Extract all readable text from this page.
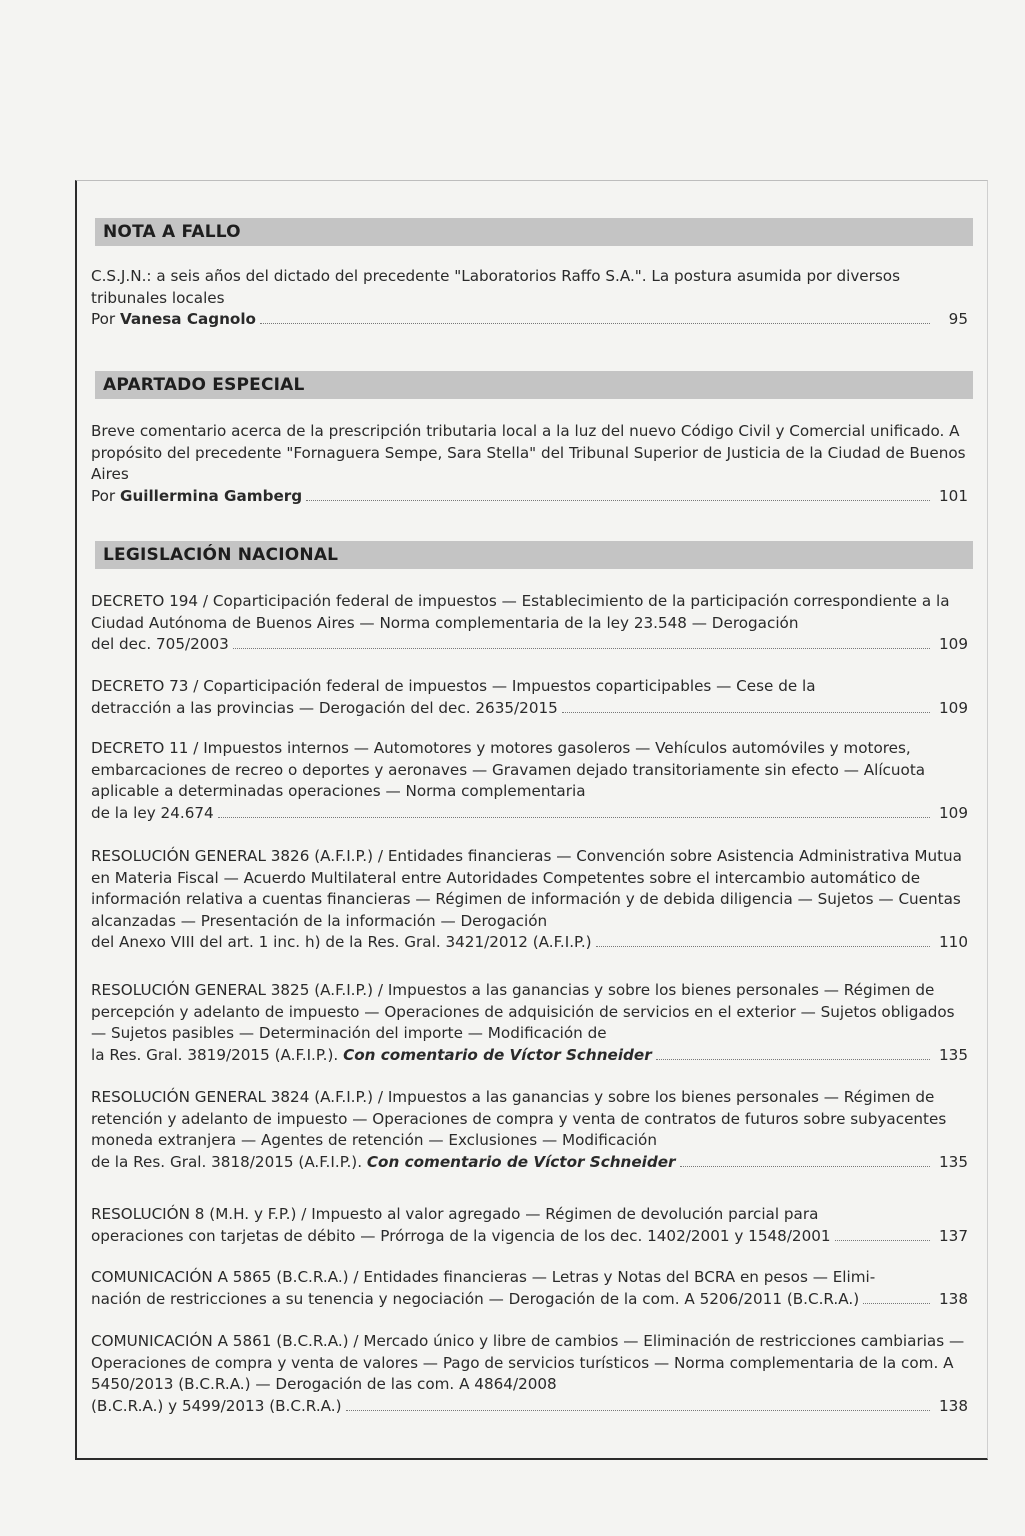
NOTA A FALLO
C.S.J.N.: a seis años del dictado del precedente "Laboratorios Raffo S.A.". La postura asumida por diversos tribunales locales
Por Vanesa Cagnolo	95
APARTADO ESPECIAL
Breve comentario acerca de la prescripción tributaria local a la luz del nuevo Código Civil y Comercial unificado. A propósito del precedente "Fornaguera Sempe, Sara Stella" del Tribunal Superior de Justicia de la Ciudad de Buenos Aires
Por Guillermina Gamberg	101
LEGISLACIÓN NACIONAL
DECRETO 194 / Coparticipación federal de impuestos — Establecimiento de la participación correspondiente a la Ciudad Autónoma de Buenos Aires — Norma complementaria de la ley 23.548 — Derogación
del dec. 705/2003	109
DECRETO 73 / Coparticipación federal de impuestos — Impuestos coparticipables — Cese de la
detracción a las provincias — Derogación del dec. 2635/2015	109
DECRETO 11 / Impuestos internos — Automotores y motores gasoleros — Vehículos automóviles y motores, embarcaciones de recreo o deportes y aeronaves — Gravamen dejado transitoriamente sin efecto — Alícuota aplicable a determinadas operaciones — Norma complementaria
de la ley 24.674	109
RESOLUCIÓN GENERAL 3826 (A.F.I.P.) / Entidades financieras — Convención sobre Asistencia Administrativa Mutua en Materia Fiscal — Acuerdo Multilateral entre Autoridades Competentes sobre el intercambio automático de información relativa a cuentas financieras — Régimen de información y de debida diligencia — Sujetos — Cuentas alcanzadas — Presentación de la información — Derogación
del Anexo VIII del art. 1 inc. h) de la Res. Gral. 3421/2012 (A.F.I.P.)	110
RESOLUCIÓN GENERAL 3825 (A.F.I.P.) / Impuestos a las ganancias y sobre los bienes personales — Régimen de percepción y adelanto de impuesto — Operaciones de adquisición de servicios en el exterior — Sujetos obligados — Sujetos pasibles — Determinación del importe — Modificación de
la Res. Gral. 3819/2015 (A.F.I.P.). Con comentario de Víctor Schneider	135
RESOLUCIÓN GENERAL 3824 (A.F.I.P.) / Impuestos a las ganancias y sobre los bienes personales — Régimen de retención y adelanto de impuesto — Operaciones de compra y venta de contratos de futuros sobre subyacentes moneda extranjera — Agentes de retención — Exclusiones — Modificación
de la Res. Gral. 3818/2015 (A.F.I.P.). Con comentario de Víctor Schneider	135
RESOLUCIÓN 8 (M.H. y F.P.) / Impuesto al valor agregado — Régimen de devolución parcial para
operaciones con tarjetas de débito — Prórroga de la vigencia de los dec. 1402/2001 y 1548/2001	137
COMUNICACIÓN A 5865 (B.C.R.A.) / Entidades financieras — Letras y Notas del BCRA en pesos — Elimi-
nación de restricciones a su tenencia y negociación — Derogación de la com. A 5206/2011 (B.C.R.A.)	138
COMUNICACIÓN A 5861 (B.C.R.A.) / Mercado único y libre de cambios — Eliminación de restricciones cambiarias — Operaciones de compra y venta de valores — Pago de servicios turísticos — Norma complementaria de la com. A 5450/2013 (B.C.R.A.) — Derogación de las com. A 4864/2008
(B.C.R.A.) y 5499/2013 (B.C.R.A.)	138
